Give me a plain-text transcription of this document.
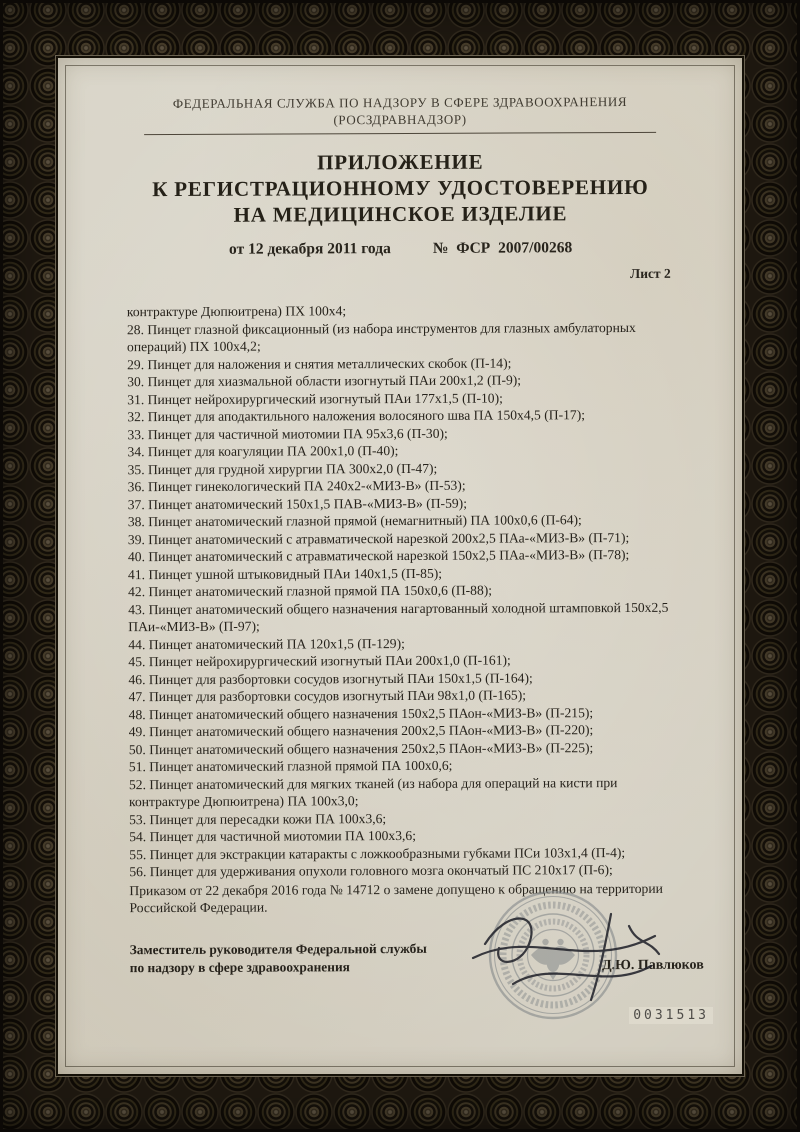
ФЕДЕРАЛЬНАЯ СЛУЖБА ПО НАДЗОРУ В СФЕРЕ ЗДРАВООХРАНЕНИЯ
(РОСЗДРАВНАДЗОР)
ПРИЛОЖЕНИЕ
К РЕГИСТРАЦИОННОМУ УДОСТОВЕРЕНИЮ
НА МЕДИЦИНСКОЕ ИЗДЕЛИЕ
от 12 декабря 2011 года	№ ФСР 2007/00268
Лист 2

контрактуре Дюпюитрена) ПХ 100х4;

28. Пинцет глазной фиксационный (из набора инструментов для глазных амбулаторных операций) ПХ 100х4,2;

29. Пинцет для наложения и снятия металлических скобок (П-14);

30. Пинцет для хиазмальной области изогнутый ПАи 200х1,2 (П-9);

31. Пинцет нейрохирургический изогнутый ПАи 177х1,5 (П-10);

32. Пинцет для аподактильного наложения волосяного шва ПА 150х4,5 (П-17);

33. Пинцет для частичной миотомии ПА 95х3,6 (П-30);

34. Пинцет для коагуляции ПА 200х1,0 (П-40);

35. Пинцет для грудной хирургии ПА 300х2,0 (П-47);

36. Пинцет гинекологический ПА 240х2-«МИЗ-В» (П-53);

37. Пинцет анатомический 150х1,5 ПАВ-«МИЗ-В» (П-59);

38. Пинцет анатомический глазной прямой (немагнитный) ПА 100х0,6 (П-64);

39. Пинцет анатомический с атравматической нарезкой 200х2,5 ПАа-«МИЗ-В» (П-71);

40. Пинцет анатомический с атравматической нарезкой 150х2,5 ПАа-«МИЗ-В» (П-78);

41. Пинцет ушной штыковидный ПАи 140х1,5 (П-85);

42. Пинцет анатомический глазной прямой ПА 150х0,6 (П-88);

43. Пинцет анатомический общего назначения нагартованный холодной штамповкой 150х2,5 ПАи-«МИЗ-В» (П-97);

44. Пинцет анатомический ПА 120х1,5 (П-129);

45. Пинцет нейрохирургический изогнутый ПАи 200х1,0 (П-161);

46. Пинцет для разбортовки сосудов изогнутый ПАи 150х1,5 (П-164);

47. Пинцет для разбортовки сосудов изогнутый ПАи 98х1,0 (П-165);

48. Пинцет анатомический общего назначения 150х2,5 ПАон-«МИЗ-В» (П-215);

49. Пинцет анатомический общего назначения 200х2,5 ПАон-«МИЗ-В» (П-220);

50. Пинцет анатомический общего назначения 250х2,5 ПАон-«МИЗ-В» (П-225);

51. Пинцет анатомический глазной прямой ПА 100х0,6;

52. Пинцет анатомический для мягких тканей (из набора для операций на кисти при контрактуре Дюпюитрена) ПА 100х3,0;

53. Пинцет для пересадки кожи ПА 100х3,6;

54. Пинцет для частичной миотомии ПА 100х3,6;

55. Пинцет для экстракции катаракты с ложкообразными губками ПСи 103х1,4 (П-4);

56. Пинцет для удерживания опухоли головного мозга окончатый ПС 210х17 (П-6);

Приказом от 22 декабря 2016 года № 14712 о замене допущено к обращению на территории Российской Федерации.

Заместитель руководителя Федеральной службы
по надзору в сфере здравоохранения	Д.Ю. Павлюков
0031513
